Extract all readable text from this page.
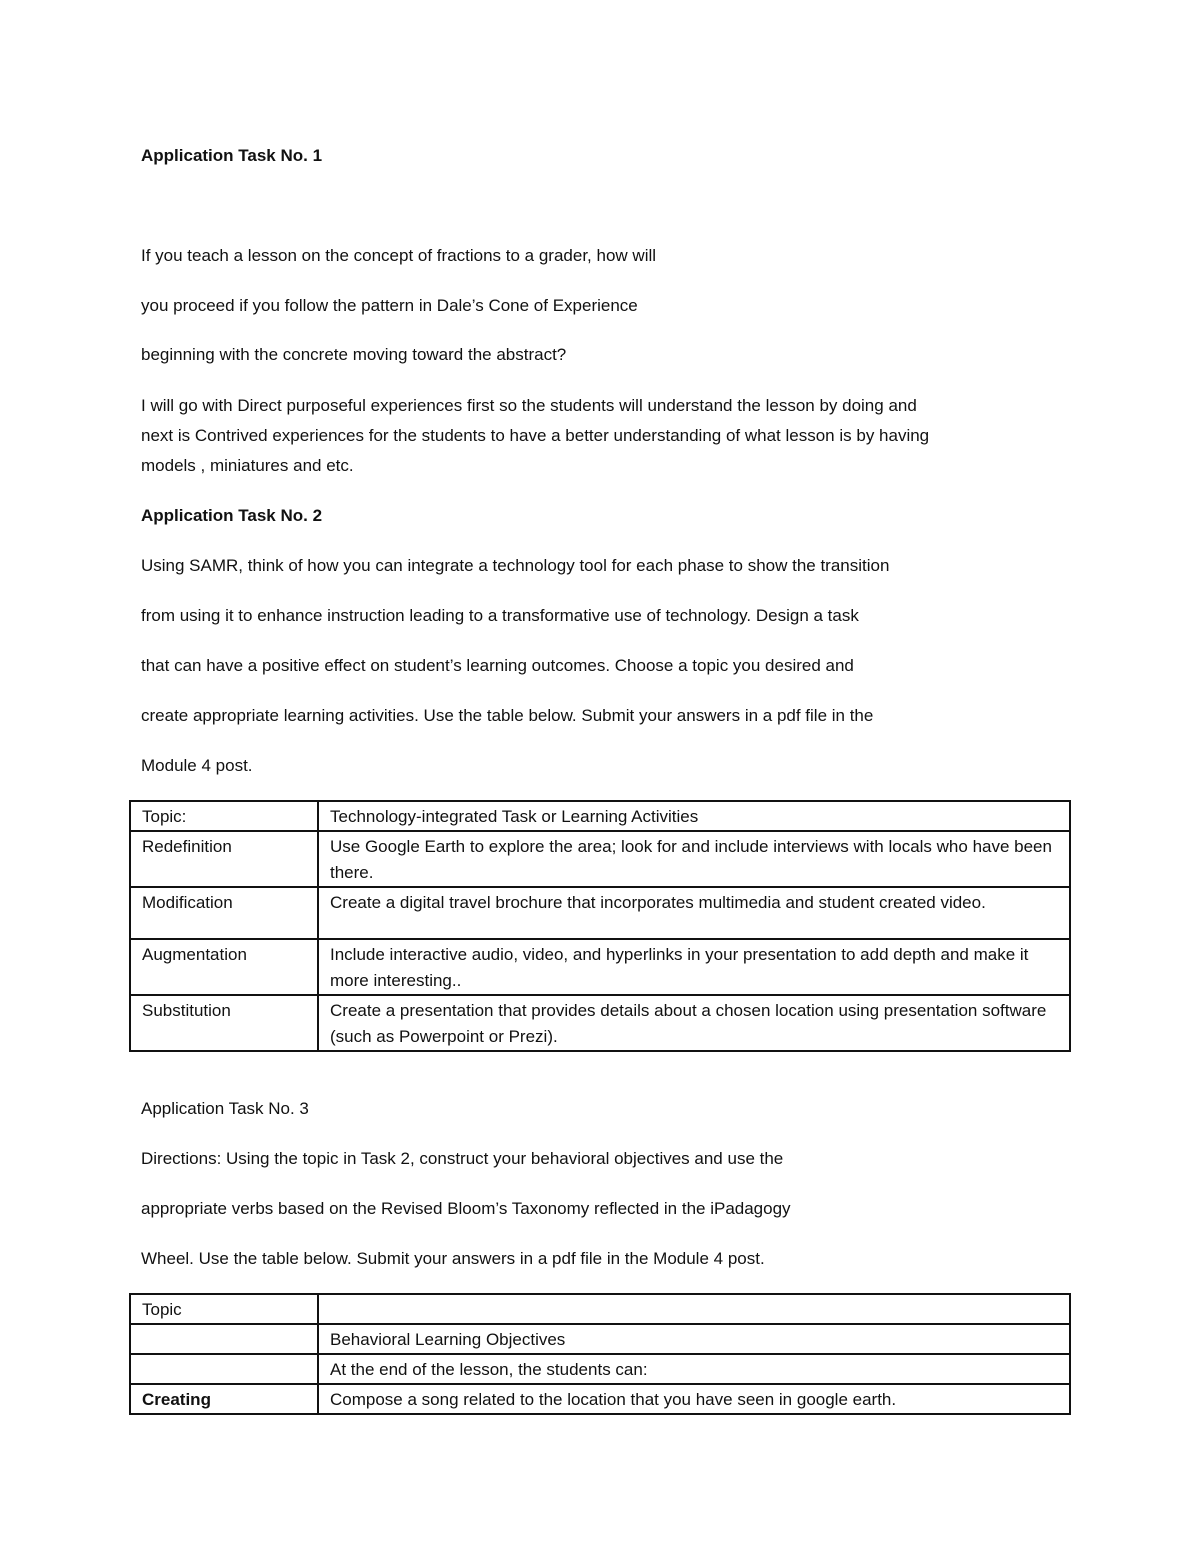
Application Task No. 1
If you teach a lesson on the concept of fractions to a grader, how will
you proceed if you follow the pattern in Dale’s Cone of Experience
beginning with the concrete moving toward the abstract?
I will go with Direct purposeful experiences first so the students will understand the lesson by doing and
next is Contrived experiences for the students to have a better understanding of what lesson is by having
models , miniatures and etc.
Application Task No. 2
Using SAMR, think of how you can integrate a technology tool for each phase to show the transition
from using it to enhance instruction leading to a transformative use of technology. Design a task
that can have a positive effect on student’s learning outcomes. Choose a topic you desired and
create appropriate learning activities. Use the table below. Submit your answers in a pdf file in the
Module 4 post.
Topic:	Technology-integrated Task or Learning Activities
Redefinition	Use Google Earth to explore the area; look for and include interviews with locals who have been there.
Modification	Create a digital travel brochure that incorporates multimedia and student created video.
Augmentation	Include interactive audio, video, and hyperlinks in your presentation to add depth and make it more interesting..
Substitution	Create a presentation that provides details about a chosen location using presentation software (such as Powerpoint or Prezi).
Application Task No. 3
Directions: Using the topic in Task 2, construct your behavioral objectives and use the
appropriate verbs based on the Revised Bloom’s Taxonomy reflected in the iPadagogy
Wheel. Use the table below. Submit your answers in a pdf file in the Module 4 post.
Topic	
	Behavioral Learning Objectives
	At the end of the lesson, the students can:
Creating	Compose a song related to the location that you have seen in google earth.
